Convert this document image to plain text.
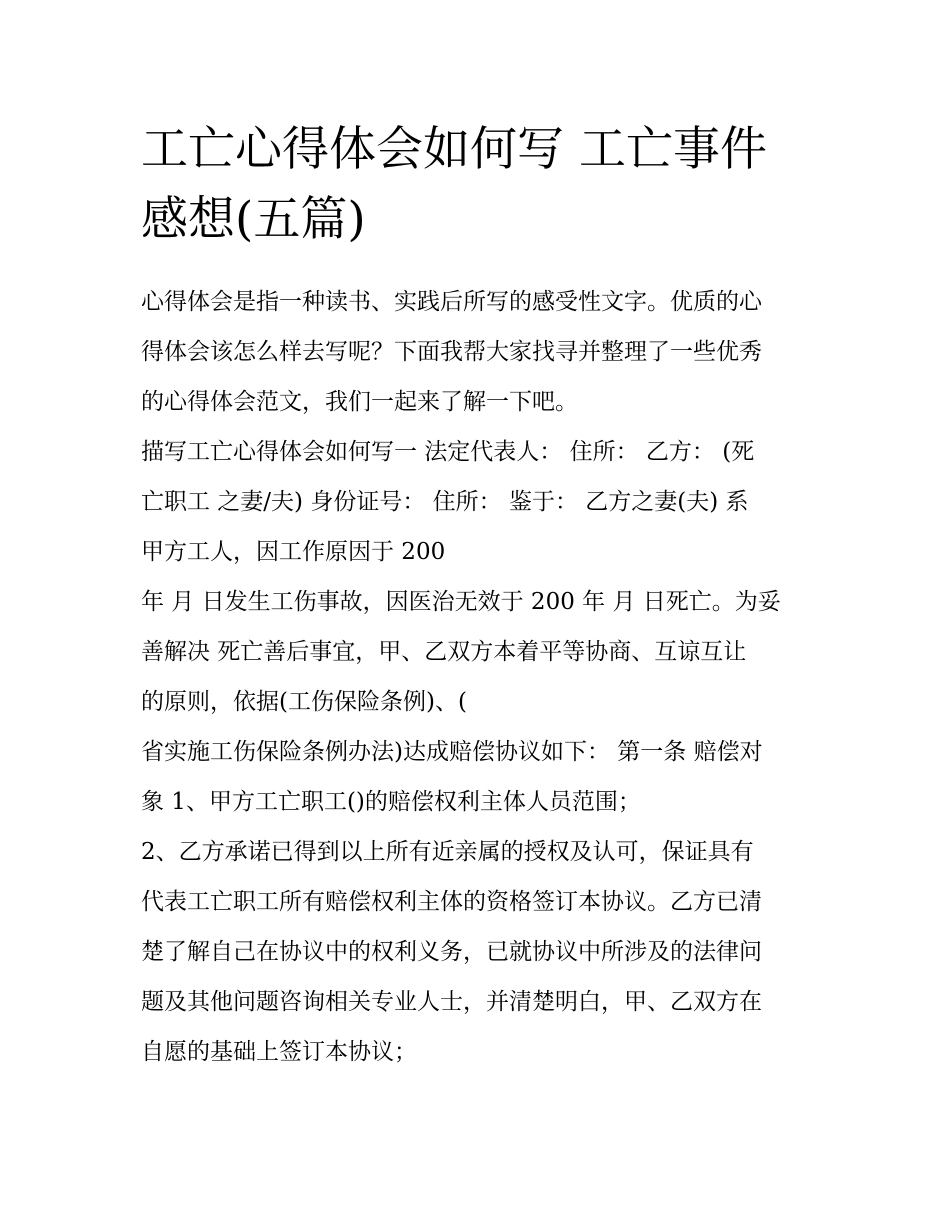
工亡心得体会如何写 工亡事件
感想(五篇)
心得体会是指一种读书、实践后所写的感受性文字。优质的心
得体会该怎么样去写呢？下面我帮大家找寻并整理了一些优秀
的心得体会范文，我们一起来了解一下吧。
描写工亡心得体会如何写一 法定代表人： 住所： 乙方： (死
亡职工 之妻/夫) 身份证号： 住所： 鉴于： 乙方之妻(夫) 系
甲方工人，因工作原因于 200
年 月 日发生工伤事故，因医治无效于 200 年 月 日死亡。为妥
善解决 死亡善后事宜，甲、乙双方本着平等协商、互谅互让
的原则，依据(工伤保险条例)、(
省实施工伤保险条例办法)达成赔偿协议如下： 第一条 赔偿对
象 1、甲方工亡职工()的赔偿权利主体人员范围；
2、乙方承诺已得到以上所有近亲属的授权及认可，保证具有
代表工亡职工所有赔偿权利主体的资格签订本协议。乙方已清
楚了解自己在协议中的权利义务，已就协议中所涉及的法律问
题及其他问题咨询相关专业人士，并清楚明白，甲、乙双方在
自愿的基础上签订本协议；
